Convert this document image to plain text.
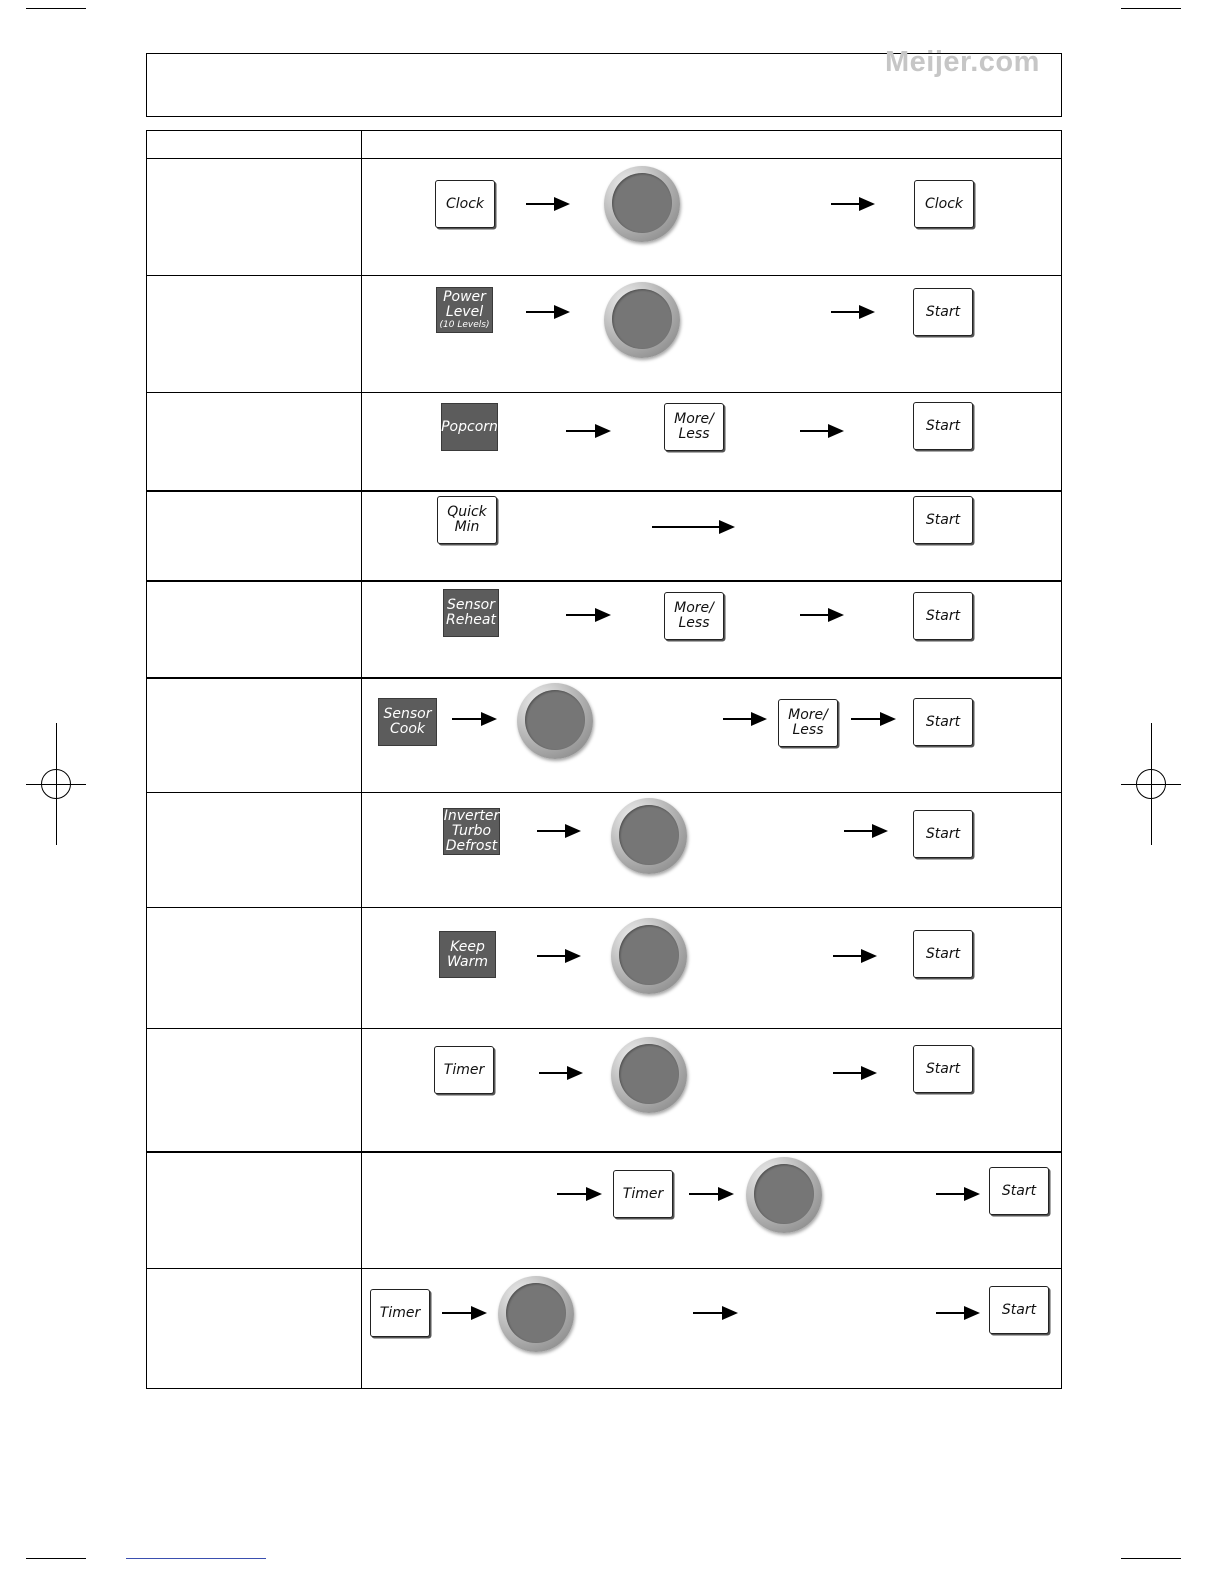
Meijer.com
Clock	Clock
Power
Level
(10 Levels)
Start
Popcorn	More/
Less
Start
Quick
Min	Start
Sensor
Reheat
More/
Less	Start
Sensor
Cook
More/
Less
Start
Inverter
Turbo
Defrost
Start
Keep
Warm	Start
Timer	Start
Timer	Start
Timer	Start
